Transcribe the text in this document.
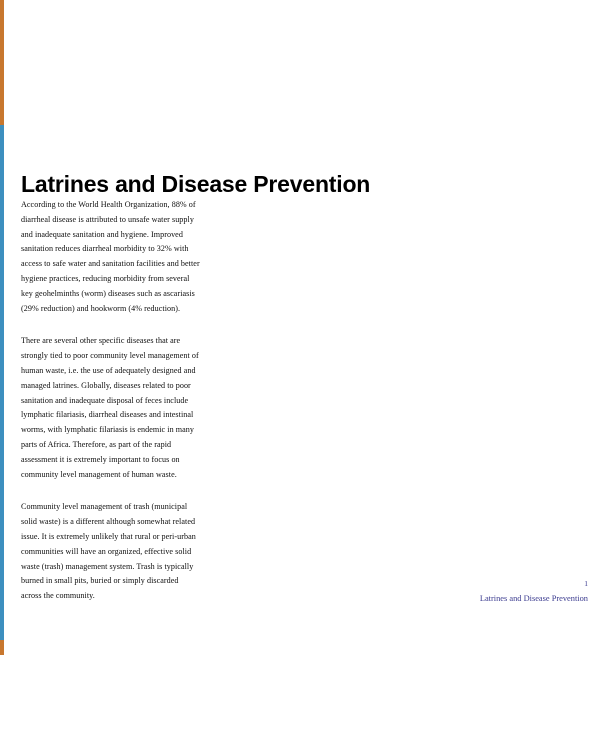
Latrines and Disease Prevention

According to the World Health Organization, 88% of diarrheal disease is attributed to unsafe water supply and inadequate sanitation and hygiene. Improved sanitation reduces diarrheal morbidity to 32% with access to safe water and sanitation facilities and better hygiene practices, reducing morbidity from several key geohelminths (worm) diseases such as ascariasis (29% reduction) and hookworm (4% reduction).

There are several other specific diseases that are strongly tied to poor community level management of human waste, i.e. the use of adequately designed and managed latrines. Globally, diseases related to poor sanitation and inadequate disposal of feces include lymphatic filariasis, diarrheal diseases and intestinal worms, with lymphatic filariasis is endemic in many parts of Africa. Therefore, as part of the rapid assessment it is extremely important to focus on community level management of human waste.

Community level management of trash (municipal solid waste) is a different although somewhat related issue. It is extremely unlikely that rural or peri-urban communities will have an organized, effective solid waste (trash) management system. Trash is typically burned in small pits, buried or simply discarded across the community.

1
Latrines and Disease Prevention
